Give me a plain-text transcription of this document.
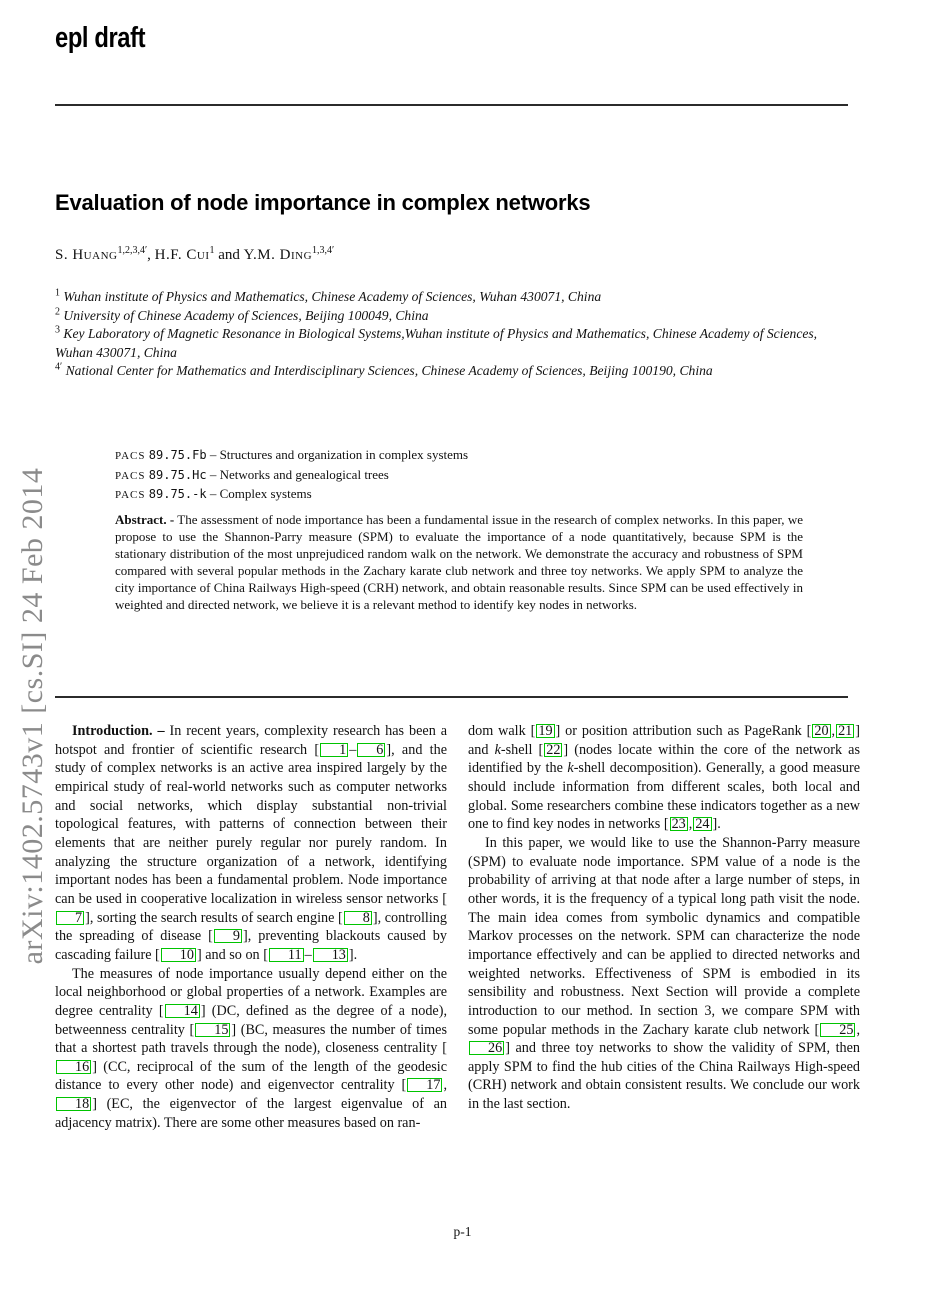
epl draft
arXiv:1402.5743v1 [cs.SI] 24 Feb 2014
Evaluation of node importance in complex networks
S. Huang$^{1,2,3,4'}$, H.F. Cui$^1$ and Y.M. Ding$^{1,3,4'}$

$^1$ Wuhan institute of Physics and Mathematics, Chinese Academy of Sciences, Wuhan 430071, China

$^2$ University of Chinese Academy of Sciences, Beijing 100049, China

$^3$ Key Laboratory of Magnetic Resonance in Biological Systems,Wuhan institute of Physics and Mathematics, Chinese Academy of Sciences, Wuhan 430071, China

$^{4'}$ National Center for Mathematics and Interdisciplinary Sciences, Chinese Academy of Sciences, Beijing 100190, China

PACS 89.75.Fb – Structures and organization in complex systems

PACS 89.75.Hc – Networks and genealogical trees

PACS 89.75.-k – Complex systems

Abstract. - The assessment of node importance has been a fundamental issue in the research of complex networks. In this paper, we propose to use the Shannon-Parry measure (SPM) to evaluate the importance of a node quantitatively, because SPM is the stationary distribution of the most unprejudiced random walk on the network. We demonstrate the accuracy and robustness of SPM compared with several popular methods in the Zachary karate club network and three toy networks. We apply SPM to analyze the city importance of China Railways High-speed (CRH) network, and obtain reasonable results. Since SPM can be used effectively in weighted and directed network, we believe it is a relevant method to identify key nodes in networks.

Introduction. – In recent years, complexity research has been a hotspot and frontier of scientific research [ 1 – 6 ], and the study of complex networks is an active area inspired largely by the empirical study of real-world networks such as computer networks and social networks, which display substantial non-trivial topological features, with patterns of connection between their elements that are neither purely regular nor purely random. In analyzing the structure organization of a network, identifying important nodes has been a fundamental problem. Node importance can be used in cooperative localization in wireless sensor networks [7 ], sorting the search results of search engine [ 8 ], controlling the spreading of disease [ 9 ], preventing blackouts caused by cascading failure [ 10 ] and so on [ 11 – 13 ].

The measures of node importance usually depend either on the local neighborhood or global properties of a network. Examples are degree centrality [ 14 ] (DC, defined as the degree of a node), betweenness centrality [ 15 ] (BC, measures the number of times that a shortest path travels through the node), closeness centrality [16 ] (CC, reciprocal of the sum of the length of the geodesic distance to every other node) and eigenvector centrality [ 17 ,18 ] (EC, the eigenvector of the largest eigenvalue of an adjacency matrix). There are some other measures based on ran-

dom walk [ 19 ] or position attribution such as PageRank [ 20 , 21 ] and k-shell [ 22 ] (nodes locate within the core of the network as identified by the k-shell decomposition). Generally, a good measure should include information from different scales, both local and global. Some researchers combine these indicators together as a new one to find key nodes in networks [ 23 , 24 ].

In this paper, we would like to use the Shannon-Parry measure (SPM) to evaluate node importance. SPM value of a node is the probability of arriving at that node after a large number of steps, in other words, it is the frequency of a typical long path visit the node. The main idea comes from symbolic dynamics and compatible Markov processes on the network. SPM can characterize the node importance effectively and can be applied to directed networks and weighted networks. Effectiveness of SPM is embodied in its sensibility and robustness. Next Section will provide a complete introduction to our method. In section 3, we compare SPM with some popular methods in the Zachary karate club network [ 25 ,26 ] and three toy networks to show the validity of SPM, then apply SPM to find the hub cities of the China Railways High-speed (CRH) network and obtain consistent results. We conclude our work in the last section.

p-1
